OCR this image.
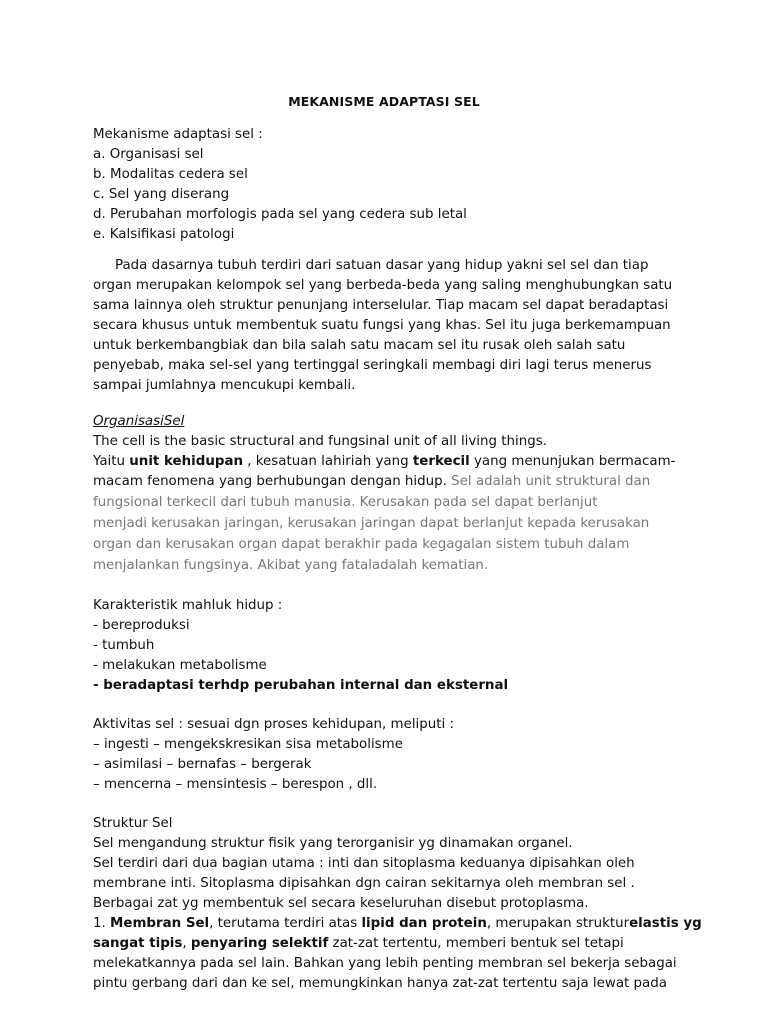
MEKANISME ADAPTASI SEL
Mekanisme adaptasi sel :
a. Organisasi sel
b. Modalitas cedera sel
c. Sel yang diserang
d. Perubahan morfologis pada sel yang cedera sub letal
e. Kalsifikasi patologi
Pada dasarnya tubuh terdiri dari satuan dasar yang hidup yakni sel sel dan tiap
organ merupakan kelompok sel yang berbeda-beda yang saling menghubungkan satu
sama lainnya oleh struktur penunjang interselular. Tiap macam sel dapat beradaptasi
secara khusus untuk membentuk suatu fungsi yang khas. Sel itu juga berkemampuan
untuk berkembangbiak dan bila salah satu macam sel itu rusak oleh salah satu
penyebab, maka sel-sel yang tertinggal seringkali membagi diri lagi terus menerus
sampai jumlahnya mencukupi kembali.
OrganisasiSel
The cell is the basic structural and fungsinal unit of all living things.
Yaitu unit kehidupan , kesatuan lahiriah yang terkecil yang menunjukan bermacam-
macam fenomena yang berhubungan dengan hidup. Sel adalah unit struktural dan
fungsional terkecil dari tubuh manusia. Kerusakan pada sel dapat berlanjut
menjadi kerusakan jaringan, kerusakan jaringan dapat berlanjut kepada kerusakan
organ dan kerusakan organ dapat berakhir pada kegagalan sistem tubuh dalam
menjalankan fungsinya. Akibat yang fataladalah kematian.
Karakteristik mahluk hidup :
- bereproduksi
- tumbuh
- melakukan metabolisme
- beradaptasi terhdp perubahan internal dan eksternal
Aktivitas sel : sesuai dgn proses kehidupan, meliputi :
– ingesti – mengekskresikan sisa metabolisme
– asimilasi – bernafas – bergerak
– mencerna – mensintesis – berespon , dll.
Struktur Sel
Sel mengandung struktur fisik yang terorganisir yg dinamakan organel.
Sel terdiri dari dua bagian utama : inti dan sitoplasma keduanya dipisahkan oleh
membrane inti. Sitoplasma dipisahkan dgn cairan sekitarnya oleh membran sel .
Berbagai zat yg membentuk sel secara keseluruhan disebut protoplasma.
1. Membran Sel, terutama terdiri atas lipid dan protein, merupakan strukturelastis yg
sangat tipis, penyaring selektif zat-zat tertentu, memberi bentuk sel tetapi
melekatkannya pada sel lain. Bahkan yang lebih penting membran sel bekerja sebagai
pintu gerbang dari dan ke sel, memungkinkan hanya zat-zat tertentu saja lewat pada
